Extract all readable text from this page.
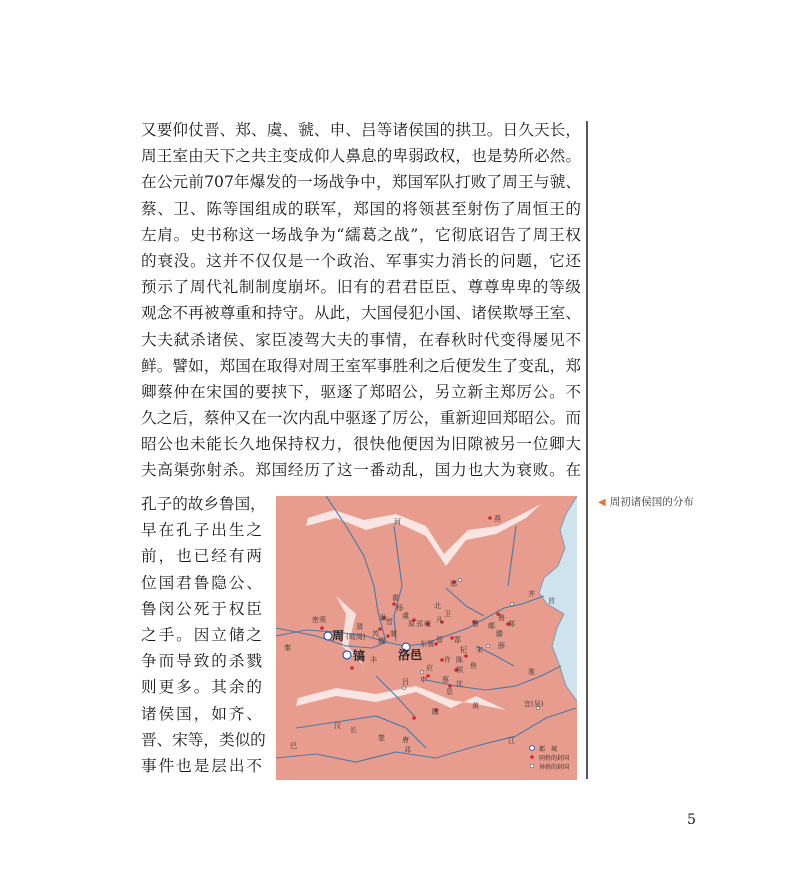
又要仰仗晋、郑、虞、虢、申、吕等诸侯国的拱卫。日久天长，
周王室由天下之共主变成仰人鼻息的卑弱政权，也是势所必然。
在公元前707年爆发的一场战争中，郑国军队打败了周王与虢、
蔡、卫、陈等国组成的联军，郑国的将领甚至射伤了周恒王的
左肩。史书称这一场战争为“繻葛之战”，它彻底诏告了周王权
的衰没。这并不仅仅是一个政治、军事实力消长的问题，它还
预示了周代礼制制度崩坏。旧有的君君臣臣、尊尊卑卑的等级
观念不再被尊重和持守。从此，大国侵犯小国、诸侯欺辱王室、
大夫弑杀诸侯、家臣凌驾大夫的事情，在春秋时代变得屡见不
鲜。譬如，郑国在取得对周王室军事胜利之后便发生了变乱，郑
卿蔡仲在宋国的要挟下，驱逐了郑昭公，另立新主郑厉公。不
久之后，蔡仲又在一次内乱中驱逐了厉公，重新迎回郑昭公。而
昭公也未能长久地保持权力，很快他便因为旧隙被另一位卿大
夫高渠弥射杀。郑国经历了这一番动乱，国力也大为衰败。在
孔子的故乡鲁国，
早在孔子出生之
前，也已经有两
位国君鲁隐公、
鲁闵公死于权臣
之手。因立储之
争而导致的杀戮
则更多。其余的
诸侯国，如齐、
晋、宋等，类似的
事件也是层出不
◀ 周初诸侯国的分布
周 (岐周)
镐	洛邑
燕
齐
莒
邢
霍
杨
晋
耿
魏
芮 虢
原 邘 雍 凡
卫
曹
鲁
邾
滕
薛
郕
东虢 管 郜
杞 宋
许 陈
焦
应
蔡
顿
沈
吕 申
息
随
楚 唐
邓
宜(吴)
密须
丰
秦
巴
虞
黄
北
渭
江
河
汉
淮
长
都　城
同姓的封国
异姓的封国
5
